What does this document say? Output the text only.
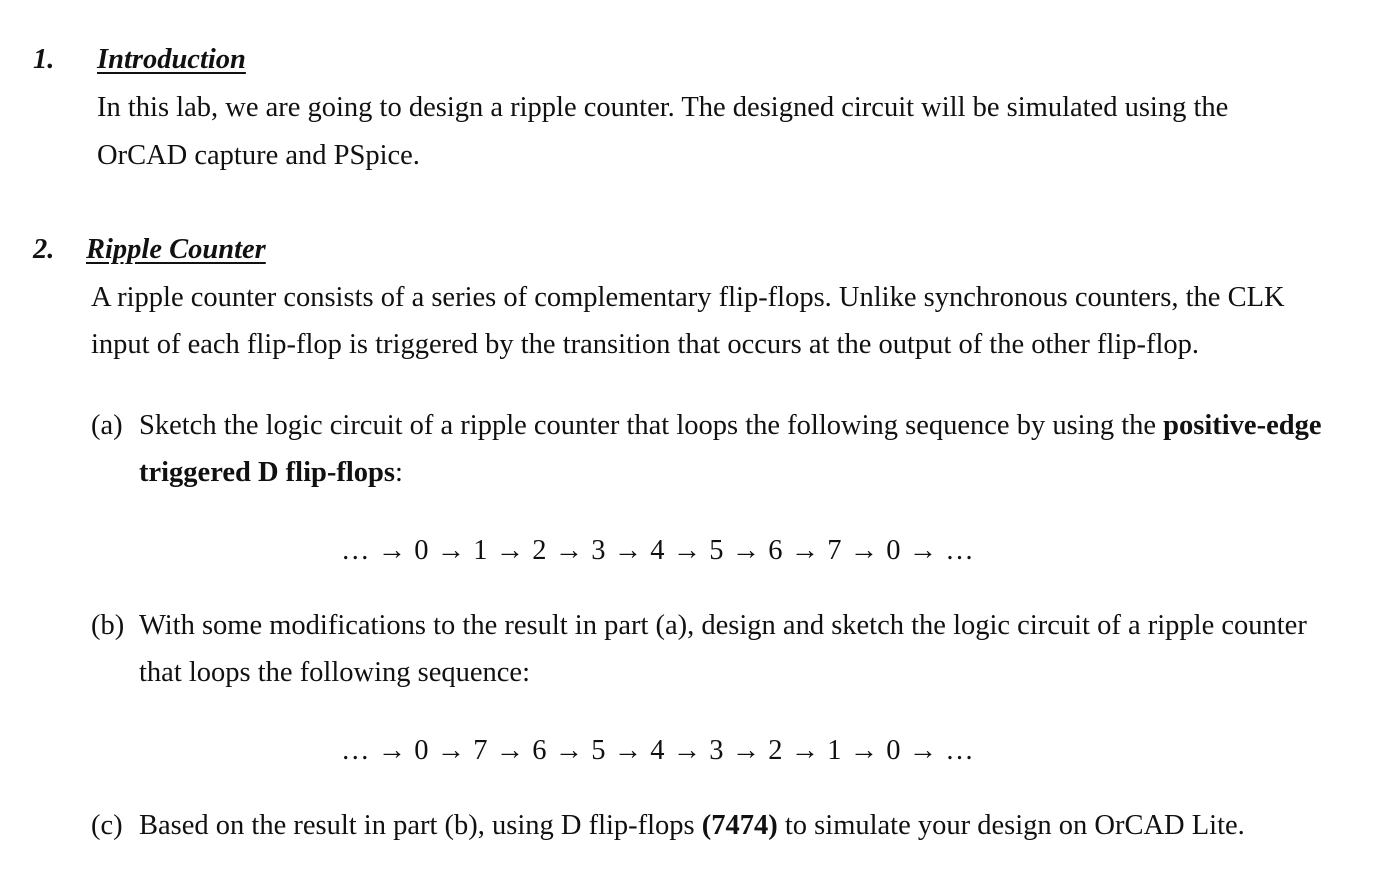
1. Introduction
In this lab, we are going to design a ripple counter. The designed circuit will be simulated using the
OrCAD capture and PSpice.
2. Ripple Counter
A ripple counter consists of a series of complementary flip-flops. Unlike synchronous counters, the CLK
input of each flip-flop is triggered by the transition that occurs at the output of the other flip-flop.
(a) Sketch the logic circuit of a ripple counter that loops the following sequence by using the positive-edge
triggered D flip-flops:
… → 0 → 1 → 2 → 3 → 4 → 5 → 6 → 7 → 0 → …
(b) With some modifications to the result in part (a), design and sketch the logic circuit of a ripple counter
that loops the following sequence:
… → 0 → 7 → 6 → 5 → 4 → 3 → 2 → 1 → 0 → …
(c) Based on the result in part (b), using D flip-flops (7474) to simulate your design on OrCAD Lite.
